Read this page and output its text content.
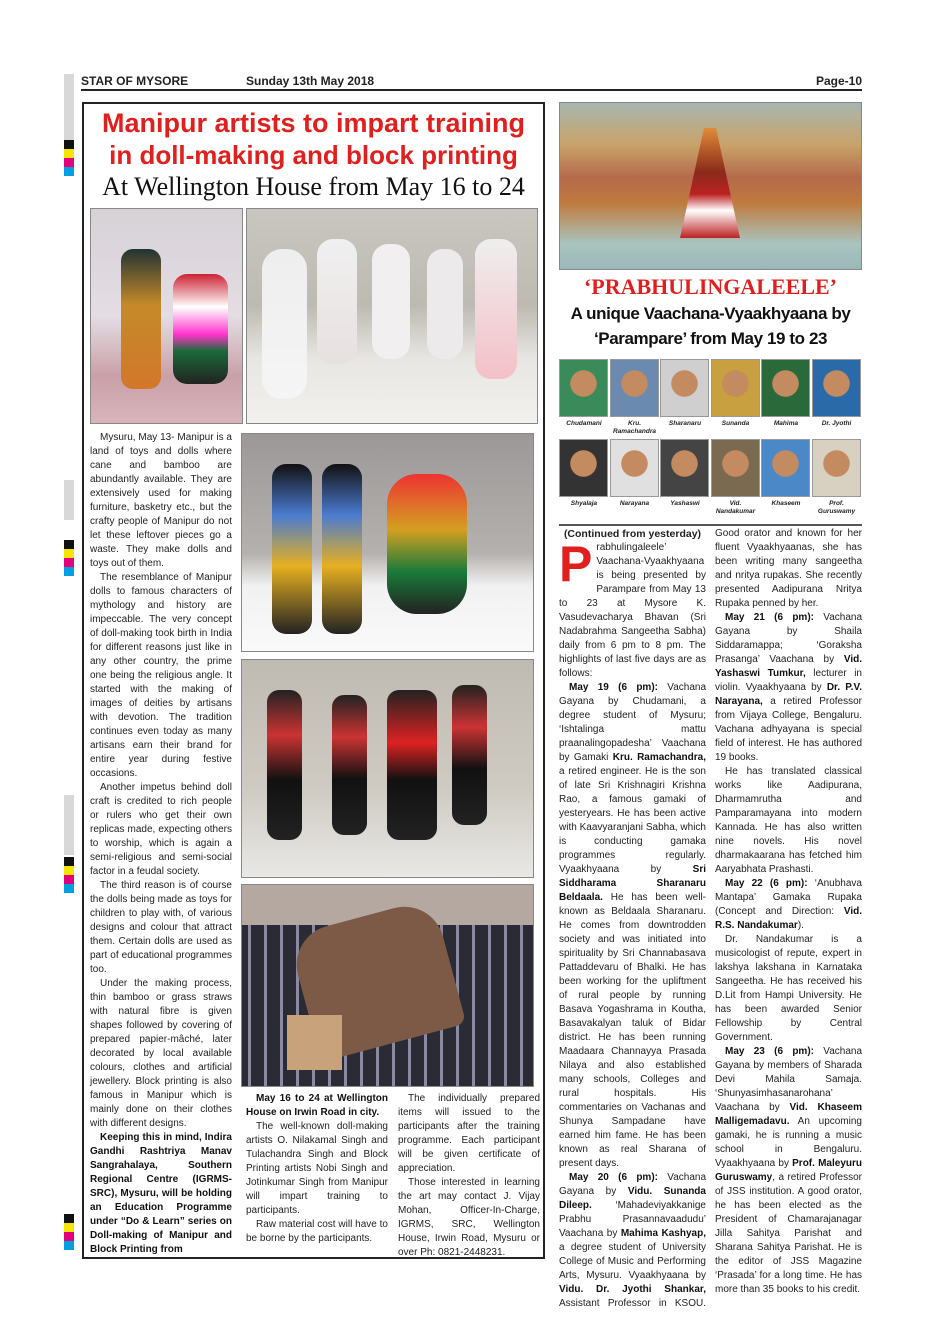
STAR OF MYSORE	Sunday 13th May 2018	Page-10
Manipur artists to impart training
in doll-making and block printing
At Wellington House from May 16 to 24

Mysuru, May 13- Manipur is a land of toys and dolls where cane and bamboo are abundantly available. They are extensively used for making furniture, basketry etc., but the crafty people of Manipur do not let these leftover pieces go a waste. They make dolls and toys out of them.

The resemblance of Manipur dolls to famous characters of mythology and history are impeccable. The very concept of doll-making took birth in India for different reasons just like in any other country, the prime one being the religious angle. It started with the making of images of deities by artisans with devotion. The tradition continues even today as many artisans earn their brand for entire year during festive occasions.

Another impetus behind doll craft is credited to rich people or rulers who get their own replicas made, expecting others to worship, which is again a semi-religious and semi-social factor in a feudal society.

The third reason is of course the dolls being made as toys for children to play with, of various designs and colour that attract them. Certain dolls are used as part of educational programmes too.

Under the making process, thin bamboo or grass straws with natural fibre is given shapes followed by covering of prepared papier-mâché, later decorated by local available colours, clothes and artificial jewellery. Block printing is also famous in Manipur which is mainly done on their clothes with different designs.

Keeping this in mind, Indira Gandhi Rashtriya Manav Sangrahalaya, Southern Regional Centre (IGRMS-SRC), Mysuru, will be holding an Education Programme under “Do & Learn” series on Doll-making of Manipur and Block Printing from

May 16 to 24 at Wellington House on Irwin Road in city.

The well-known doll-making artists O. Nilakamal Singh and Tulachandra Singh and Block Printing artists Nobi Singh and Jotinkumar Singh from Manipur will impart training to participants.

Raw material cost will have to be borne by the participants.

The individually prepared items will issued to the participants after the training programme. Each participant will be given certificate of appreciation.

Those interested in learning the art may contact J. Vijay Mohan, Officer-In-Charge, IGRMS, SRC, Wellington House, Irwin Road, Mysuru or over Ph: 0821-2448231.

‘PRABHULINGALEELE’
A unique Vaachana-Vyaakhyaana by
‘Parampare’ from May 19 to 23
Chudamani	Kru. Ramachandra
Sharanaru	Sunanda	Mahima	Dr. Jyothi
Shyalaja	Narayana	Yashaswi	Vid. Nandakumar
Khaseem	Prof. Guruswamy

(Continued from yesterday)

Prabhulingaleele’ Vaachana-Vyaakhyaana is being presented by Parampare from May 13 to 23 at Mysore K. Vasudevacharya Bhavan (Sri Nadabrahma Sangeetha Sabha) daily from 6 pm to 8 pm. The highlights of last five days are as follows:

May 19 (6 pm): Vachana Gayana by Chudamani, a degree student of Mysuru; ‘Ishtalinga mattu praanalingopadesha’ Vaachana by Gamaki Kru. Ramachandra, a retired engineer. He is the son of late Sri Krishnagiri Krishna Rao, a famous gamaki of yesteryears. He has been active with Kaavyaranjani Sabha, which is conducting gamaka programmes regularly. Vyaakhyaana by Sri Siddharama Sharanaru Beldaala. He has been well-known as Beldaala Sharanaru. He comes from downtrodden society and was initiated into spirituality by Sri Channabasava Pattaddevaru of Bhalki. He has been working for the upliftment of rural people by running Basava Yogashrama in Koutha, Basavakalyan taluk of Bidar district. He has been running Maadaara Channayya Prasada Nilaya and also established many schools, Colleges and rural hospitals. His commentaries on Vachanas and Shunya Sampadane have earned him fame. He has been known as real Sharana of present days.

May 20 (6 pm): Vachana Gayana by Vidu. Sunanda Dileep. ‘Mahadeviyakkanige Prabhu Prasannavaadudu’ Vaachana by Mahima Kashyap, a degree student of University College of Music and Performing Arts, Mysuru. Vyaakhyaana by Vidu. Dr. Jyothi Shankar, Assistant Professor in KSOU. Good orator and known for her fluent Vyaakhyaanas, she has been writing many sangeetha and nritya rupakas. She recently presented Aadipurana Nritya Rupaka penned by her.

May 21 (6 pm): Vachana Gayana by Shaila Siddaramappa; ‘Goraksha Prasanga’ Vaachana by Vid. Yashaswi Tumkur, lecturer in violin. Vyaakhyaana by Dr. P.V. Narayana, a retired Professor from Vijaya College, Bengaluru. Vachana adhyayana is special field of interest. He has authored 19 books.

He has translated classical works like Aadipurana, Dharmamrutha and Pamparamayana into modern Kannada. He has also written nine novels. His novel dharmakaarana has fetched him Aaryabhata Prashasti.

May 22 (6 pm): ‘Anubhava Mantapa’ Gamaka Rupaka (Concept and Direction: Vid. R.S. Nandakumar).

Dr. Nandakumar is a musicologist of repute, expert in lakshya lakshana in Karnataka Sangeetha. He has received his D.Lit from Hampi University. He has been awarded Senior Fellowship by Central Government.

May 23 (6 pm): Vachana Gayana by members of Sharada Devi Mahila Samaja. ‘Shunyasimhasanarohana’ Vaachana by Vid. Khaseem Malligemadavu. An upcoming gamaki, he is running a music school in Bengaluru. Vyaakhyaana by Prof. Maleyuru Guruswamy, a retired Professor of JSS institution. A good orator, he has been elected as the President of Chamarajanagar Jilla Sahitya Parishat and Sharana Sahitya Parishat. He is the editor of JSS Magazine ‘Prasada’ for a long time. He has more than 35 books to his credit.
